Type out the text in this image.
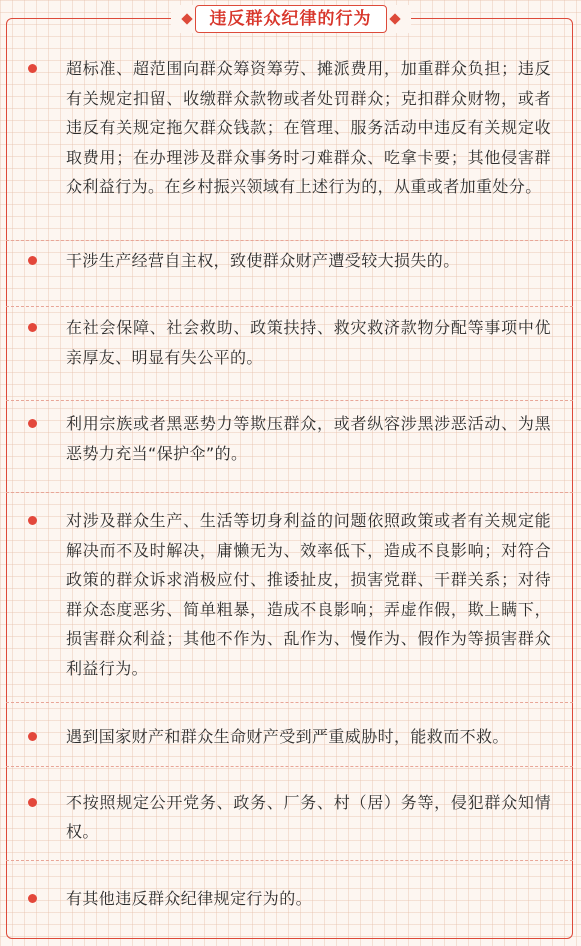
违反群众纪律的行为
超标准、超范围向群众筹资筹劳、摊派费用，加重群众负担；违反有关规定扣留、收缴群众款物或者处罚群众；克扣群众财物，或者违反有关规定拖欠群众钱款；在管理、服务活动中违反有关规定收取费用；在办理涉及群众事务时刁难群众、吃拿卡要；其他侵害群众利益行为。在乡村振兴领域有上述行为的，从重或者加重处分。
干涉生产经营自主权，致使群众财产遭受较大损失的。
在社会保障、社会救助、政策扶持、救灾救济款物分配等事项中优亲厚友、明显有失公平的。
利用宗族或者黑恶势力等欺压群众，或者纵容涉黑涉恶活动、为黑恶势力充当“保护伞”的。
对涉及群众生产、生活等切身利益的问题依照政策或者有关规定能解决而不及时解决，庸懒无为、效率低下，造成不良影响；对符合政策的群众诉求消极应付、推诿扯皮，损害党群、干群关系；对待群众态度恶劣、简单粗暴，造成不良影响；弄虚作假，欺上瞒下，损害群众利益；其他不作为、乱作为、慢作为、假作为等损害群众利益行为。
遇到国家财产和群众生命财产受到严重威胁时，能救而不救。
不按照规定公开党务、政务、厂务、村（居）务等，侵犯群众知情权。
有其他违反群众纪律规定行为的。
